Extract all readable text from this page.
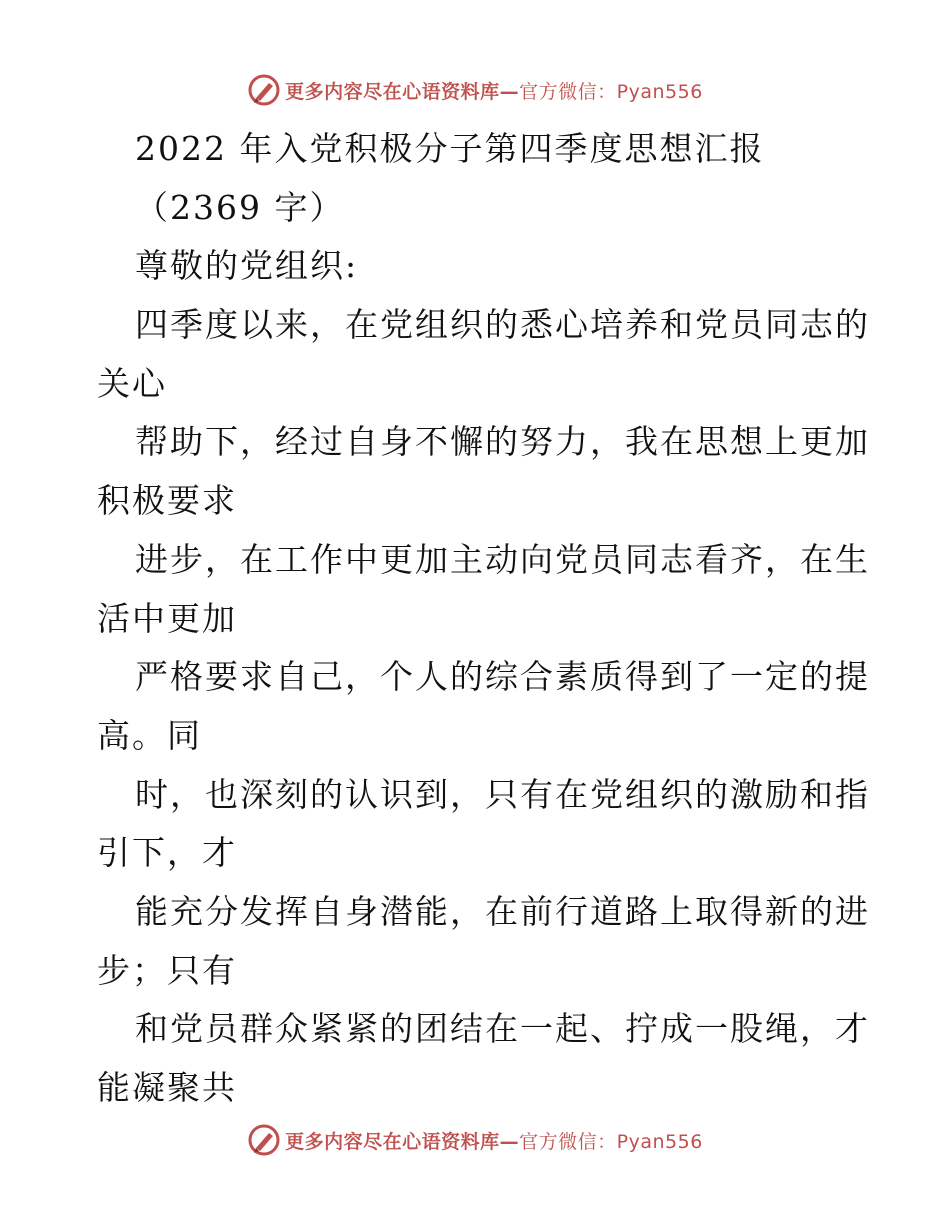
更多内容尽在心语资料库—官方微信：Pyan556
2022 年入党积极分子第四季度思想汇报
（2369 字）
尊敬的党组织:
四季度以来，在党组织的悉心培养和党员同志的
关心
帮助下，经过自身不懈的努力，我在思想上更加
积极要求
进步，在工作中更加主动向党员同志看齐，在生
活中更加
严格要求自己，个人的综合素质得到了一定的提
高。同
时，也深刻的认识到，只有在党组织的激励和指
引下，才
能充分发挥自身潜能，在前行道路上取得新的进
步；只有
和党员群众紧紧的团结在一起、拧成一股绳，才
能凝聚共
更多内容尽在心语资料库—官方微信：Pyan556
